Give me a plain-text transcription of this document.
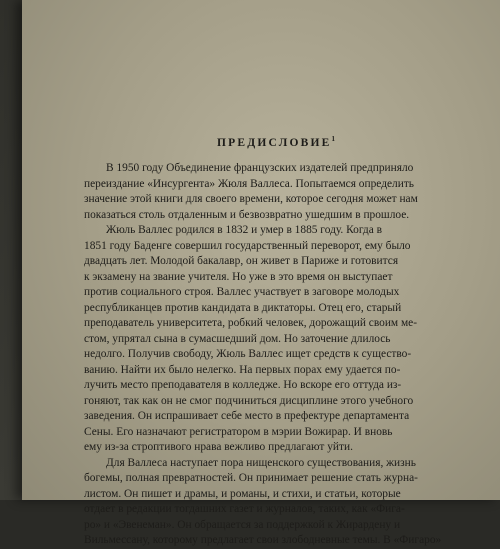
ПРЕДИСЛОВИЕ$^1$
В 1950 году Объединение французских издателей предприняло
переиздание «Инсургента» Жюля Валлеса. Попытаемся определить
значение этой книги для своего времени, которое сегодня может нам
показаться столь отдаленным и безвозвратно ушедшим в прошлое.
Жюль Валлес родился в 1832 и умер в 1885 году. Когда в
1851 году Баденге совершил государственный переворот, ему было
двадцать лет. Молодой бакалавр, он живет в Париже и готовится
к экзамену на звание учителя. Но уже в это время он выступает
против социального строя. Валлес участвует в заговоре молодых
республиканцев против кандидата в диктаторы. Отец его, старый
преподаватель университета, робкий человек, дорожащий своим ме-
стом, упрятал сына в сумасшедший дом. Но заточение длилось
недолго. Получив свободу, Жюль Валлес ищет средств к существо-
ванию. Найти их было нелегко. На первых порах ему удается по-
лучить место преподавателя в колледже. Но вскоре его оттуда из-
гоняют, так как он не смог подчиниться дисциплине этого учебного
заведения. Он испрашивает себе место в префектуре департамента
Сены. Его назначают регистратором в мэрии Вожирар. И вновь
ему из-за строптивого нрава вежливо предлагают уйти.
Для Валлеса наступает пора нищенского существования, жизнь
богемы, полная превратностей. Он принимает решение стать журна-
листом. Он пишет и драмы, и романы, и стихи, и статьи, которые
отдает в редакции тогдашних газет и журналов, таких, как «Фига-
ро» и «Эвенеман». Он обращается за поддержкой к Жирардену и
Вильмессану, которому предлагает свои злободневные темы. В «Фигаро»
